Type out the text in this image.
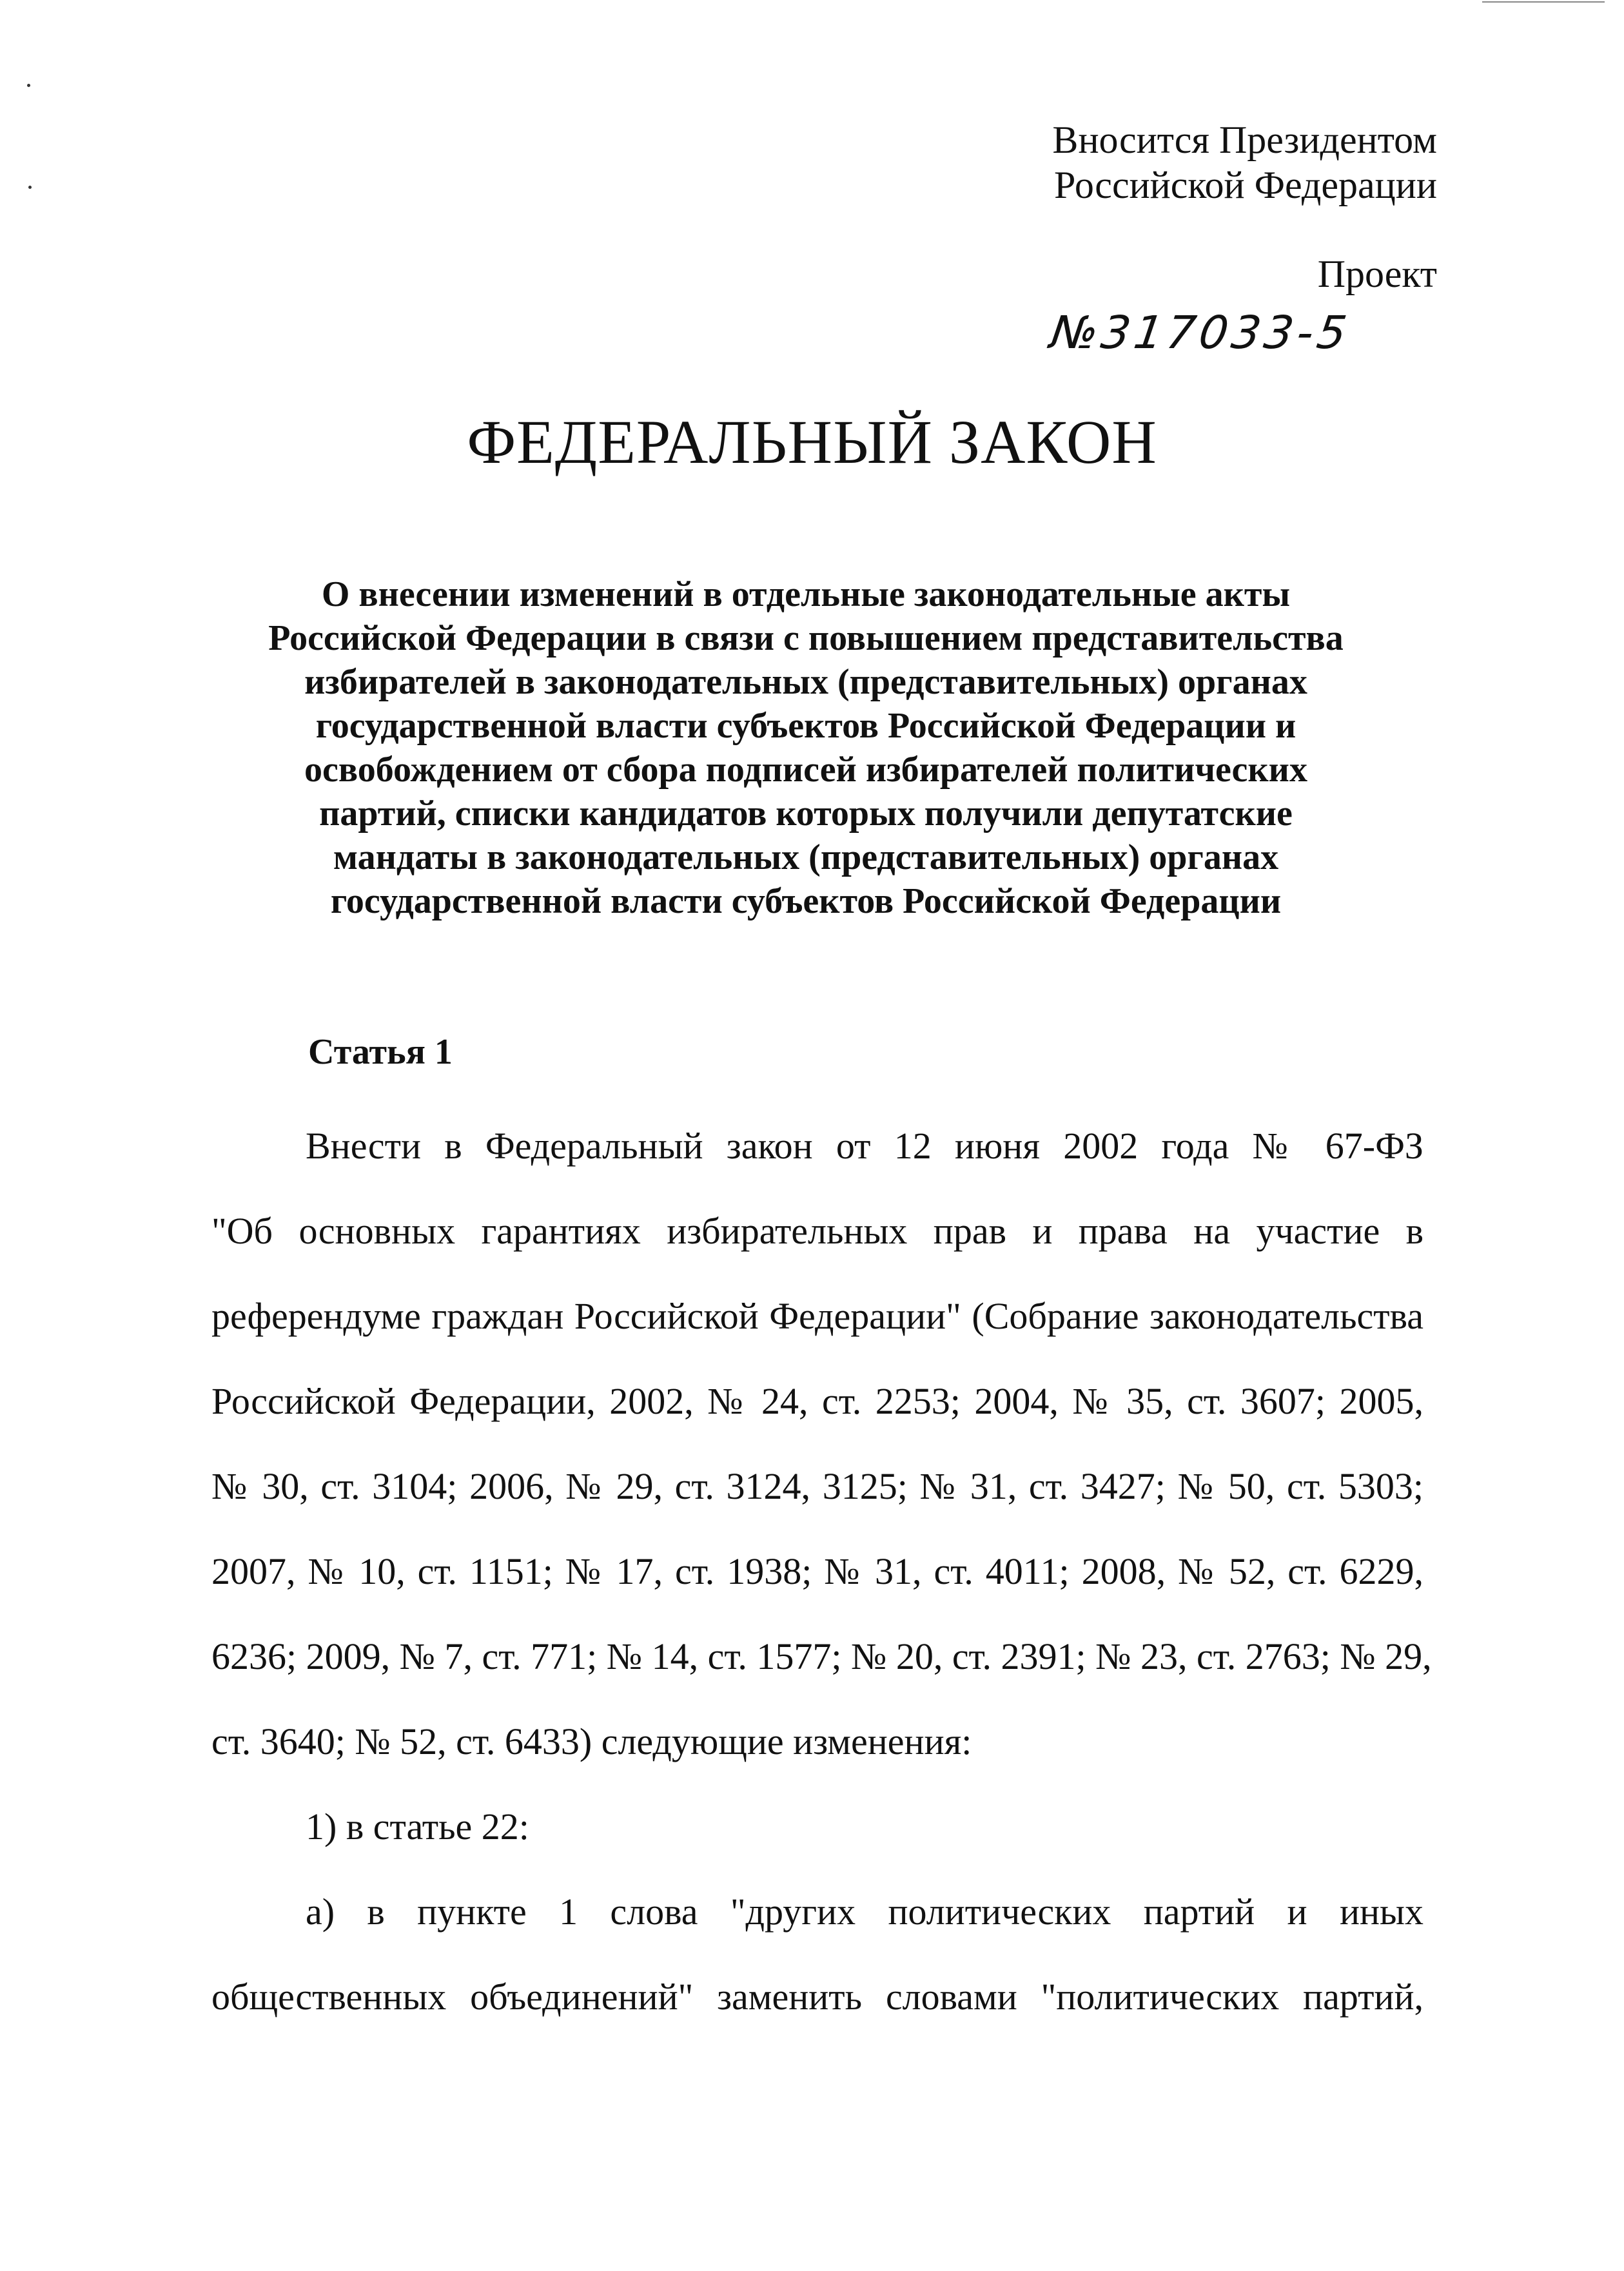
Вносится Президентом
Российской Федерации
Проект
№317033-5
ФЕДЕРАЛЬНЫЙ ЗАКОН
О внесении изменений в отдельные законодательные акты
Российской Федерации в связи с повышением представительства
избирателей в законодательных (представительных) органах
государственной власти субъектов Российской Федерации и
освобождением от сбора подписей избирателей политических
партий, списки кандидатов которых получили депутатские
мандаты в законодательных (представительных) органах
государственной власти субъектов Российской Федерации
Статья 1
Внести в Федеральный закон от 12 июня 2002 года № 67-ФЗ
"Об основных гарантиях избирательных прав и права на участие в
референдуме граждан Российской Федерации" (Собрание законодательства
Российской Федерации, 2002, № 24, ст. 2253; 2004, № 35, ст. 3607; 2005,
№ 30, ст. 3104; 2006, № 29, ст. 3124, 3125; № 31, ст. 3427; № 50, ст. 5303;
2007, № 10, ст. 1151; № 17, ст. 1938; № 31, ст. 4011; 2008, № 52, ст. 6229,
6236; 2009, № 7, ст. 771; № 14, ст. 1577; № 20, ст. 2391; № 23, ст. 2763; № 29,
ст. 3640; № 52, ст. 6433) следующие изменения:
1) в статье 22:
а) в пункте 1 слова "других политических партий и иных
общественных объединений" заменить словами "политических партий,
